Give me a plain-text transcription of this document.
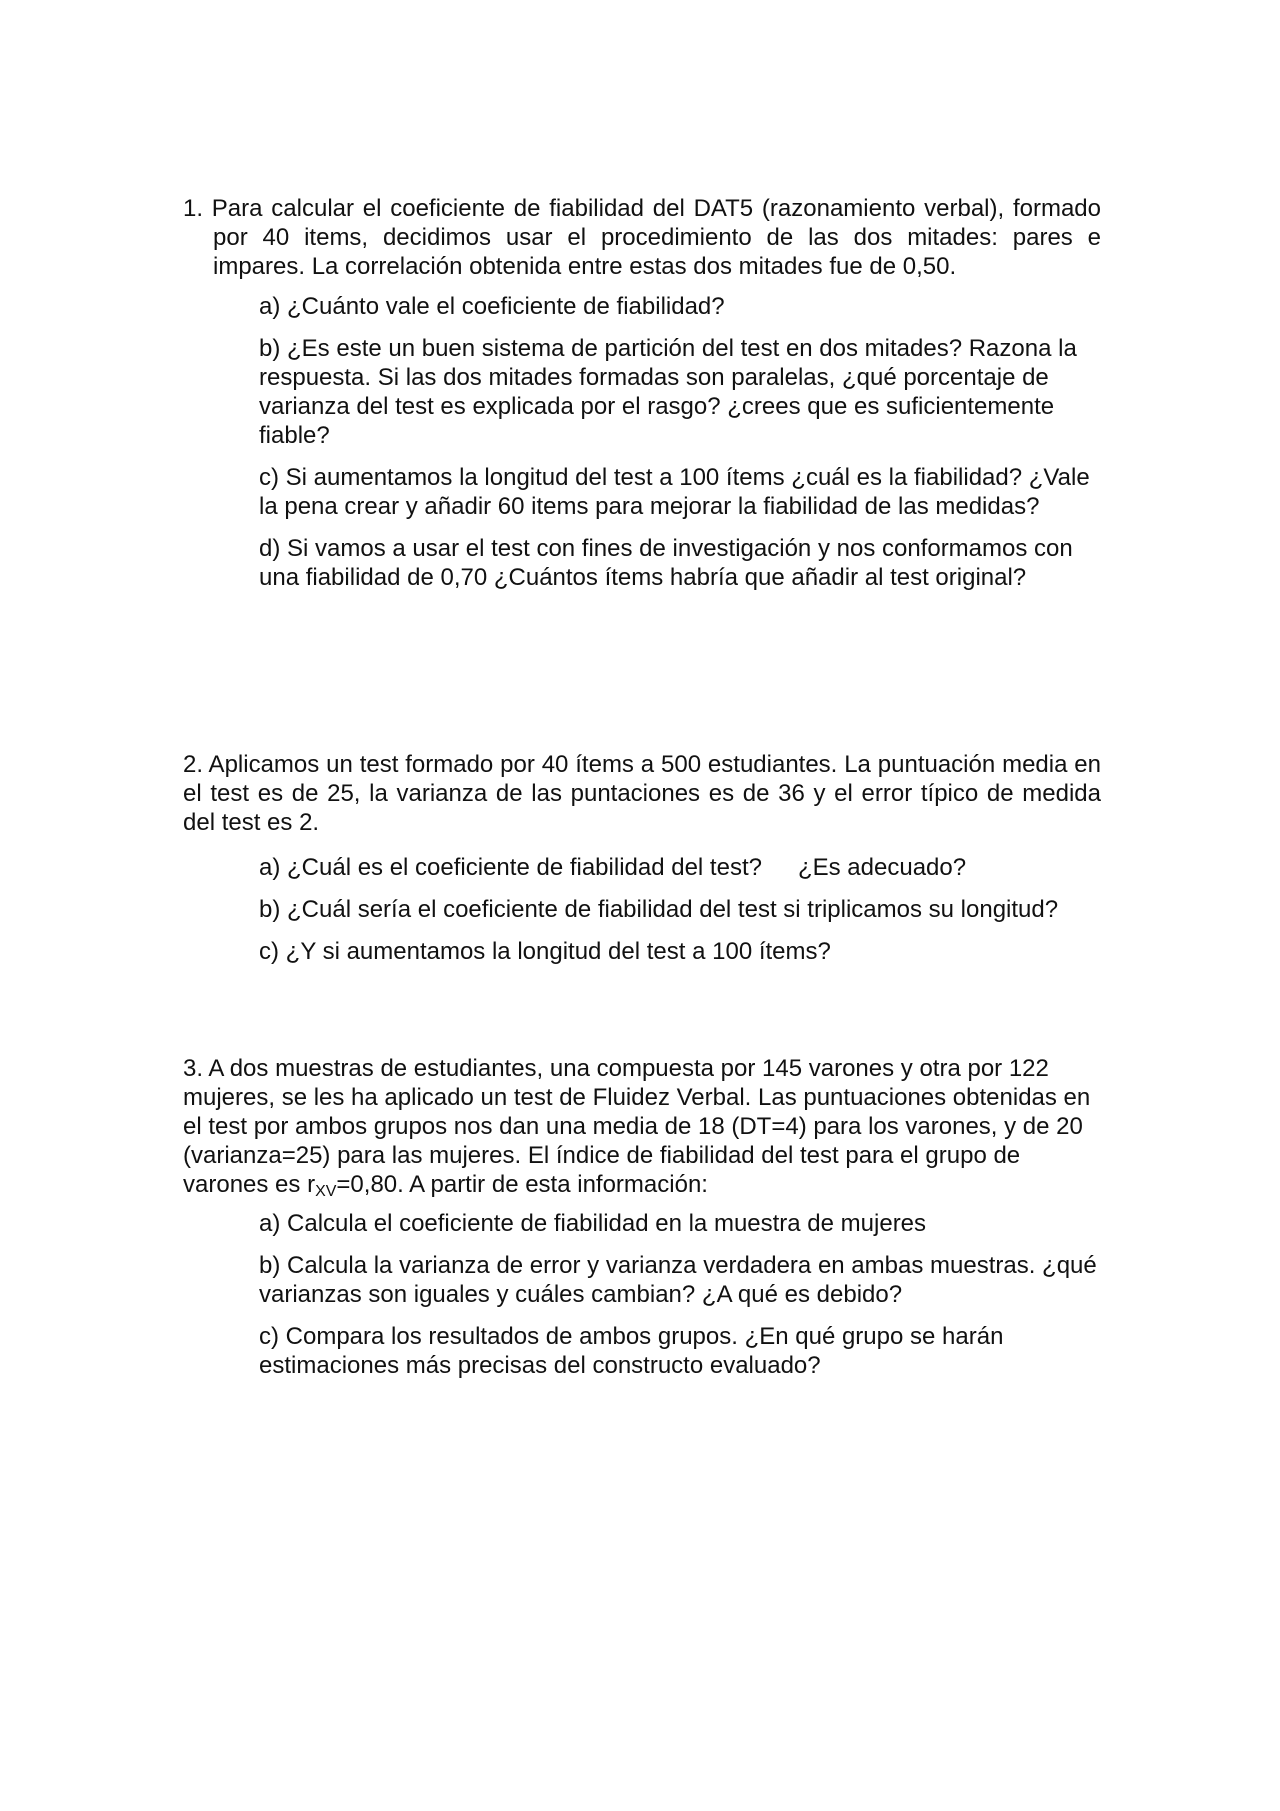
1. Para calcular el coeficiente de fiabilidad del DAT5 (razonamiento verbal), formado por 40 items, decidimos usar el procedimiento de las dos mitades: pares e impares. La correlación obtenida entre estas dos mitades fue de 0,50.

a) ¿Cuánto vale el coeficiente de fiabilidad?
b) ¿Es este un buen sistema de partición del test en dos mitades? Razona la respuesta. Si las dos mitades formadas son paralelas, ¿qué porcentaje de varianza del test es explicada por el rasgo? ¿crees que es suficientemente fiable?
c) Si aumentamos la longitud del test a 100 ítems ¿cuál es la fiabilidad? ¿Vale la pena crear y añadir 60 items para mejorar la fiabilidad de las medidas?
d) Si vamos a usar el test con fines de investigación y nos conformamos con una fiabilidad de 0,70 ¿Cuántos ítems habría que añadir al test original?

2. Aplicamos un test formado por 40 ítems a 500 estudiantes. La puntuación media en el test es de 25, la varianza de las puntaciones es de 36 y el error típico de medida del test es 2.

a) ¿Cuál es el coeficiente de fiabilidad del test? ¿Es adecuado?
b) ¿Cuál sería el coeficiente de fiabilidad del test si triplicamos su longitud?
c) ¿Y si aumentamos la longitud del test a 100 ítems?

3. A dos muestras de estudiantes, una compuesta por 145 varones y otra por 122 mujeres, se les ha aplicado un test de Fluidez Verbal. Las puntuaciones obtenidas en el test por ambos grupos nos dan una media de 18 (DT=4) para los varones, y de 20 (varianza=25) para las mujeres. El índice de fiabilidad del test para el grupo de varones es $r_{XV}=0,80$. A partir de esta información:

a) Calcula el coeficiente de fiabilidad en la muestra de mujeres
b) Calcula la varianza de error y varianza verdadera en ambas muestras. ¿qué varianzas son iguales y cuáles cambian? ¿A qué es debido?
c) Compara los resultados de ambos grupos. ¿En qué grupo se harán estimaciones más precisas del constructo evaluado?
